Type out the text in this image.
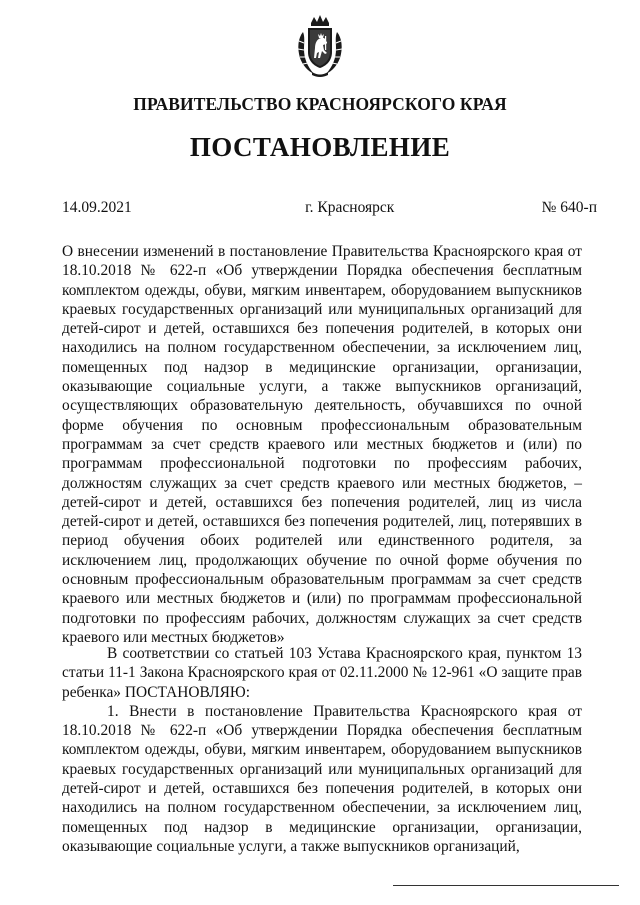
ПРАВИТЕЛЬСТВО КРАСНОЯРСКОГО КРАЯ
ПОСТАНОВЛЕНИЕ
14.09.2021	г. Красноярск	№ 640-п

О внесении изменений в постановление Правительства Красноярского края от 18.10.2018 № 622-п «Об утверждении Порядка обеспечения бесплатным комплектом одежды, обуви, мягким инвентарем, оборудованием выпускников краевых государственных организаций или муниципальных организаций для детей-сирот и детей, оставшихся без попечения родителей, в которых они находились на полном государственном обеспечении, за исключением лиц, помещенных под надзор в медицинские организации, организации, оказывающие социальные услуги, а также выпускников организаций, осуществляющих образовательную деятельность, обучавшихся по очной форме обучения по основным профессиональным образовательным программам за счет средств краевого или местных бюджетов и (или) по программам профессиональной подготовки по профессиям рабочих, должностям служащих за счет средств краевого или местных бюджетов, – детей-сирот и детей, оставшихся без попечения родителей, лиц из числа детей-сирот и детей, оставшихся без попечения родителей, лиц, потерявших в период обучения обоих родителей или единственного родителя, за исключением лиц, продолжающих обучение по очной форме обучения по основным профессиональным образовательным программам за счет средств краевого или местных бюджетов и (или) по программам профессиональной подготовки по профессиям рабочих, должностям служащих за счет средств краевого или местных бюджетов»

В соответствии со статьей 103 Устава Красноярского края, пунктом 13 статьи 11-1 Закона Красноярского края от 02.11.2000 № 12-961 «О защите прав ребенка» ПОСТАНОВЛЯЮ:

1. Внести в постановление Правительства Красноярского края от 18.10.2018 № 622-п «Об утверждении Порядка обеспечения бесплатным комплектом одежды, обуви, мягким инвентарем, оборудованием выпускников краевых государственных организаций или муниципальных организаций для детей-сирот и детей, оставшихся без попечения родителей, в которых они находились на полном государственном обеспечении, за исключением лиц, помещенных под надзор в медицинские организации, организации, оказывающие социальные услуги, а также выпускников организаций,
